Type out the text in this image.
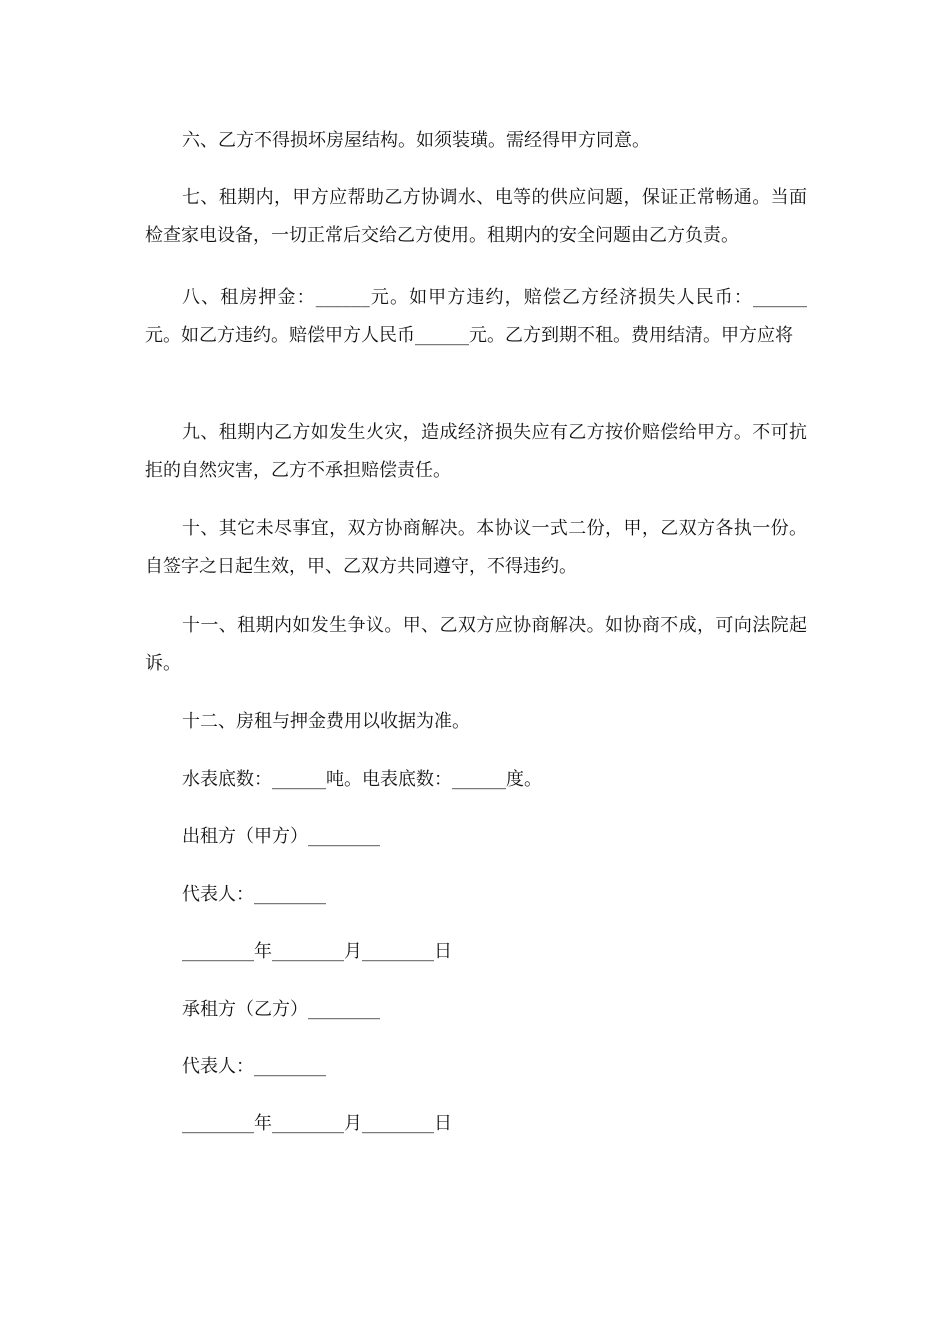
六、乙方不得损坏房屋结构。如须装璜。需经得甲方同意。

七、租期内，甲方应帮助乙方协调水、电等的供应问题，保证正常畅通。当面检查家电设备，一切正常后交给乙方使用。租期内的安全问题由乙方负责。

八、租房押金：______元。如甲方违约，赔偿乙方经济损失人民币：______元。如乙方违约。赔偿甲方人民币______元。乙方到期不租。费用结清。甲方应将

九、租期内乙方如发生火灾，造成经济损失应有乙方按价赔偿给甲方。不可抗拒的自然灾害，乙方不承担赔偿责任。

十、其它未尽事宜，双方协商解决。本协议一式二份，甲，乙双方各执一份。自签字之日起生效，甲、乙双方共同遵守，不得违约。

十一、租期内如发生争议。甲、乙双方应协商解决。如协商不成，可向法院起诉。

十二、房租与押金费用以收据为准。

水表底数：______吨。电表底数：______度。

出租方（甲方）________

代表人：________

________年________月________日

承租方（乙方）________

代表人：________

________年________月________日
